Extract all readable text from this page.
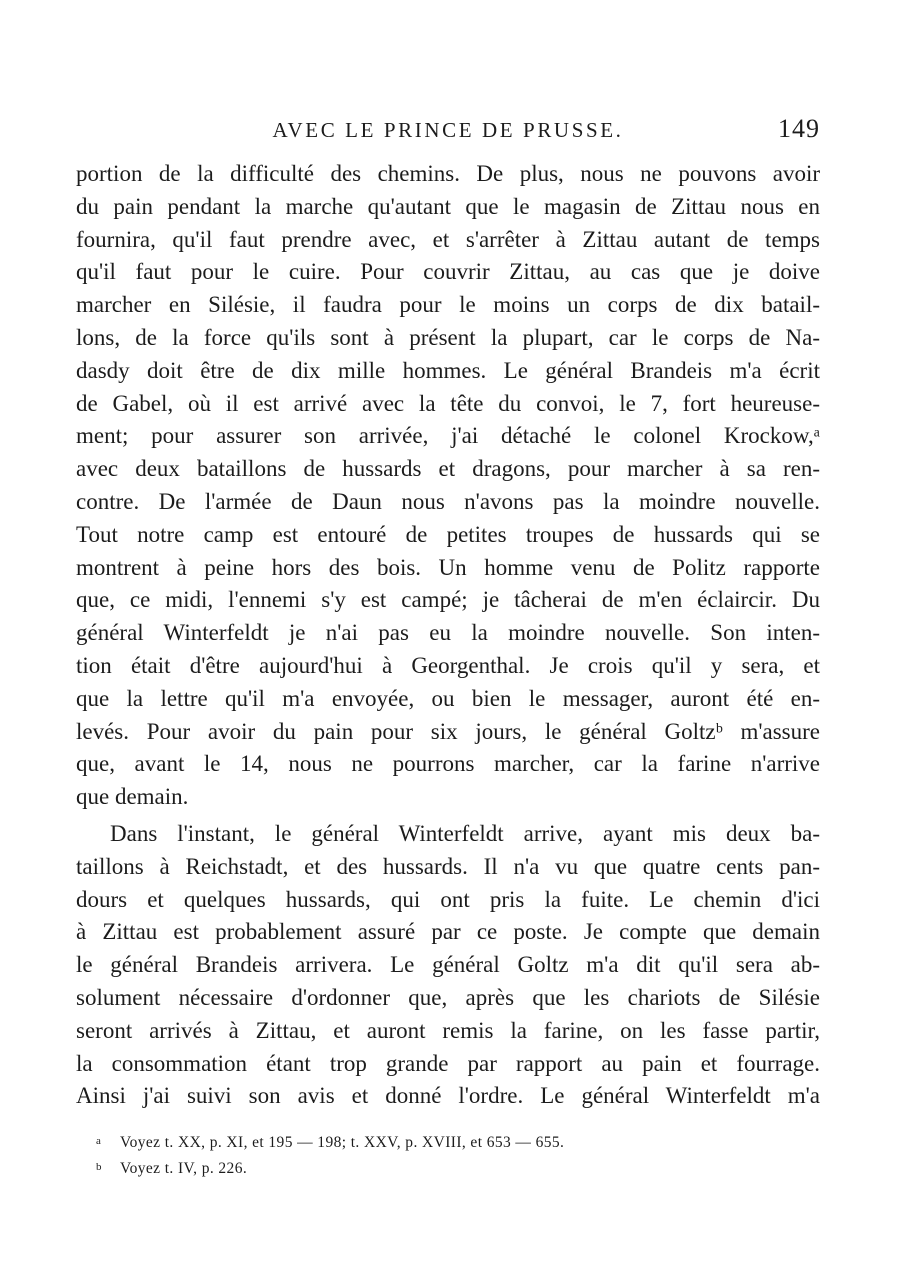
AVEC LE PRINCE DE PRUSSE.	149
portion de la difficulté des chemins. De plus, nous ne pouvons avoir
du pain pendant la marche qu'autant que le magasin de Zittau nous en
fournira, qu'il faut prendre avec, et s'arrêter à Zittau autant de temps
qu'il faut pour le cuire. Pour couvrir Zittau, au cas que je doive
marcher en Silésie, il faudra pour le moins un corps de dix batail-
lons, de la force qu'ils sont à présent la plupart, car le corps de Na-
dasdy doit être de dix mille hommes. Le général Brandeis m'a écrit
de Gabel, où il est arrivé avec la tête du convoi, le 7, fort heureuse-
ment; pour assurer son arrivée, j'ai détaché le colonel Krockow,ᵃ
avec deux bataillons de hussards et dragons, pour marcher à sa ren-
contre. De l'armée de Daun nous n'avons pas la moindre nouvelle.
Tout notre camp est entouré de petites troupes de hussards qui se
montrent à peine hors des bois. Un homme venu de Politz rapporte
que, ce midi, l'ennemi s'y est campé; je tâcherai de m'en éclaircir. Du
général Winterfeldt je n'ai pas eu la moindre nouvelle. Son inten-
tion était d'être aujourd'hui à Georgenthal. Je crois qu'il y sera, et
que la lettre qu'il m'a envoyée, ou bien le messager, auront été en-
levés. Pour avoir du pain pour six jours, le général Goltzᵇ m'assure
que, avant le 14, nous ne pourrons marcher, car la farine n'arrive
que demain.
Dans l'instant, le général Winterfeldt arrive, ayant mis deux ba-
taillons à Reichstadt, et des hussards. Il n'a vu que quatre cents pan-
dours et quelques hussards, qui ont pris la fuite. Le chemin d'ici
à Zittau est probablement assuré par ce poste. Je compte que demain
le général Brandeis arrivera. Le général Goltz m'a dit qu'il sera ab-
solument nécessaire d'ordonner que, après que les chariots de Silésie
seront arrivés à Zittau, et auront remis la farine, on les fasse partir,
la consommation étant trop grande par rapport au pain et fourrage.
Ainsi j'ai suivi son avis et donné l'ordre. Le général Winterfeldt m'a
a Voyez t. XX, p. XI, et 195 — 198; t. XXV, p. XVIII, et 653 — 655.
b Voyez t. IV, p. 226.
